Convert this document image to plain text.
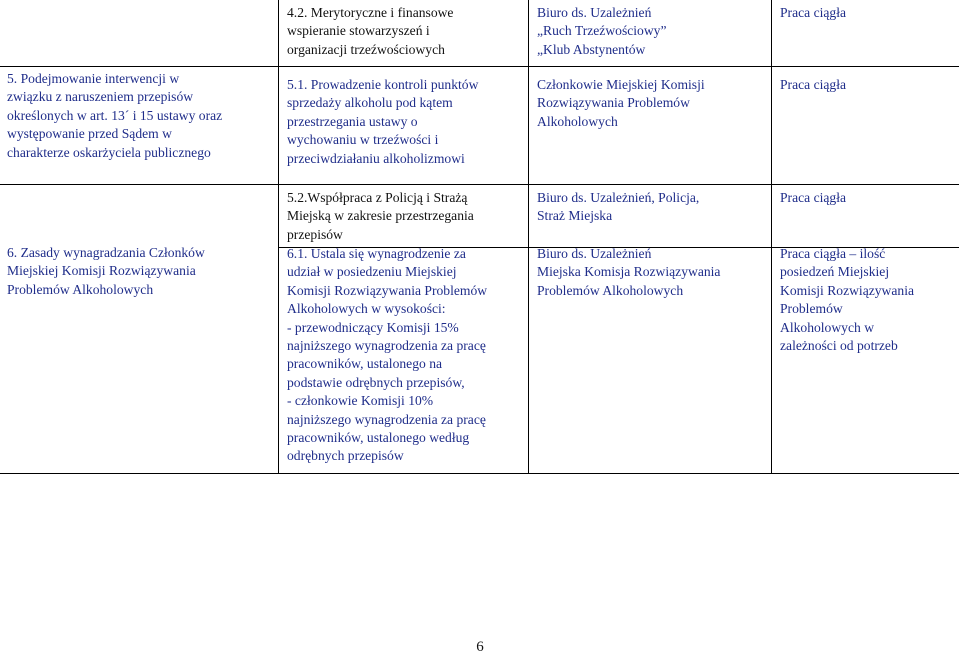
4.2. Merytoryczne i finansowe
wspieranie stowarzyszeń i
organizacji trzeźwościowych
Biuro ds. Uzależnień
„Ruch Trzeźwościowy”
„Klub Abstynentów
Praca ciągła
5. Podejmowanie interwencji w
związku z naruszeniem przepisów
określonych w art. 13´ i 15 ustawy oraz
występowanie przed Sądem w
charakterze oskarżyciela publicznego
5.1. Prowadzenie kontroli punktów
sprzedaży alkoholu pod kątem
przestrzegania ustawy o
wychowaniu w trzeźwości i
przeciwdziałaniu alkoholizmowi
Członkowie Miejskiej Komisji
Rozwiązywania Problemów
Alkoholowych
Praca ciągła
5.2.Współpraca z Policją i Strażą
Miejską w zakresie przestrzegania
przepisów
Biuro ds. Uzależnień, Policja,
Straż Miejska
Praca ciągła
6. Zasady wynagradzania Członków
Miejskiej Komisji Rozwiązywania
Problemów Alkoholowych
6.1. Ustala się wynagrodzenie za
udział w posiedzeniu Miejskiej
Komisji Rozwiązywania Problemów
Alkoholowych w wysokości:
- przewodniczący Komisji 15%
najniższego wynagrodzenia za pracę
pracowników, ustalonego na
podstawie odrębnych przepisów,
- członkowie Komisji 10%
najniższego wynagrodzenia za pracę
pracowników, ustalonego według
odrębnych przepisów
Biuro ds. Uzależnień
Miejska Komisja Rozwiązywania
Problemów Alkoholowych
Praca ciągła – ilość
posiedzeń Miejskiej
Komisji Rozwiązywania
Problemów
Alkoholowych w
zależności od potrzeb
6
